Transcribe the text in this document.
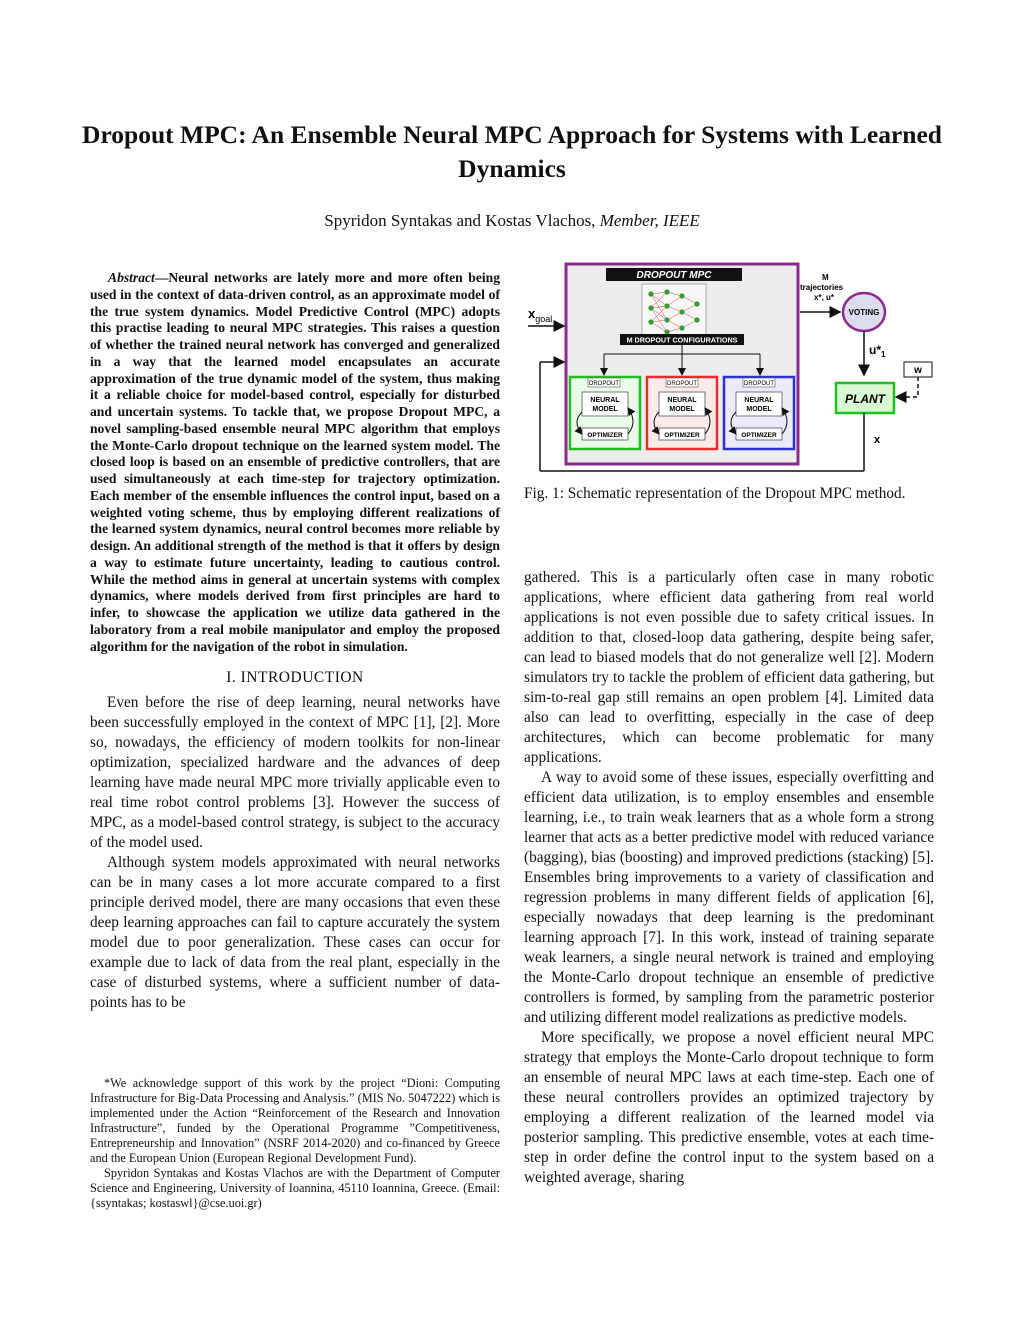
Dropout MPC: An Ensemble Neural MPC Approach for Systems with Learned Dynamics
Spyridon Syntakas and Kostas Vlachos, Member, IEEE

Abstract—Neural networks are lately more and more often being used in the context of data-driven control, as an approximate model of the true system dynamics. Model Predictive Control (MPC) adopts this practise leading to neural MPC strategies. This raises a question of whether the trained neural network has converged and generalized in a way that the learned model encapsulates an accurate approximation of the true dynamic model of the system, thus making it a reliable choice for model-based control, especially for disturbed and uncertain systems. To tackle that, we propose Dropout MPC, a novel sampling-based ensemble neural MPC algorithm that employs the Monte-Carlo dropout technique on the learned system model. The closed loop is based on an ensemble of predictive controllers, that are used simultaneously at each time-step for trajectory optimization. Each member of the ensemble influences the control input, based on a weighted voting scheme, thus by employing different realizations of the learned system dynamics, neural control becomes more reliable by design. An additional strength of the method is that it offers by design a way to estimate future uncertainty, leading to cautious control. While the method aims in general at uncertain systems with complex dynamics, where models derived from first principles are hard to infer, to showcase the application we utilize data gathered in the laboratory from a real mobile manipulator and employ the proposed algorithm for the navigation of the robot in simulation.

I. INTRODUCTION

Even before the rise of deep learning, neural networks have been successfully employed in the context of MPC [1], [2]. More so, nowadays, the efficiency of modern toolkits for non-linear optimization, specialized hardware and the advances of deep learning have made neural MPC more trivially applicable even to real time robot control problems [3]. However the success of MPC, as a model-based control strategy, is subject to the accuracy of the model used.

Although system models approximated with neural networks can be in many cases a lot more accurate compared to a first principle derived model, there are many occasions that even these deep learning approaches can fail to capture accurately the system model due to poor generalization. These cases can occur for example due to lack of data from the real plant, especially in the case of disturbed systems, where a sufficient number of data-points has to be

*We acknowledge support of this work by the project “Dioni: Computing Infrastructure for Big-Data Processing and Analysis.” (MIS No. 5047222) which is implemented under the Action “Reinforcement of the Research and Innovation Infrastructure”, funded by the Operational Programme ”Competitiveness, Entrepreneurship and Innovation” (NSRF 2014-2020) and co-financed by Greece and the European Union (European Regional Development Fund).

Spyridon Syntakas and Kostas Vlachos are with the Department of Computer Science and Engineering, University of Ioannina, 45110 Ioannina, Greece. (Email: {ssyntakas; kostaswl}@cse.uoi.gr)

DROPOUT MPC
M DROPOUT CONFIGURATIONS
DROPOUT
NEURAL
MODEL
OPTIMIZER
DROPOUT
NEURAL
MODEL
OPTIMIZER
DROPOUT
NEURAL
MODEL
OPTIMIZER
$x_{goal}$
M
trajectories
x*, u*
VOTING
$u*_1$
w
PLANT
x

Fig. 1: Schematic representation of the Dropout MPC method.

gathered. This is a particularly often case in many robotic applications, where efficient data gathering from real world applications is not even possible due to safety critical issues. In addition to that, closed-loop data gathering, despite being safer, can lead to biased models that do not generalize well [2]. Modern simulators try to tackle the problem of efficient data gathering, but sim-to-real gap still remains an open problem [4]. Limited data also can lead to overfitting, especially in the case of deep architectures, which can become problematic for many applications.

A way to avoid some of these issues, especially overfitting and efficient data utilization, is to employ ensembles and ensemble learning, i.e., to train weak learners that as a whole form a strong learner that acts as a better predictive model with reduced variance (bagging), bias (boosting) and improved predictions (stacking) [5]. Ensembles bring improvements to a variety of classification and regression problems in many different fields of application [6], especially nowadays that deep learning is the predominant learning approach [7]. In this work, instead of training separate weak learners, a single neural network is trained and employing the Monte-Carlo dropout technique an ensemble of predictive controllers is formed, by sampling from the parametric posterior and utilizing different model realizations as predictive models.

More specifically, we propose a novel efficient neural MPC strategy that employs the Monte-Carlo dropout technique to form an ensemble of neural MPC laws at each time-step. Each one of these neural controllers provides an optimized trajectory by employing a different realization of the learned model via posterior sampling. This predictive ensemble, votes at each time-step in order define the control input to the system based on a weighted average, sharing
